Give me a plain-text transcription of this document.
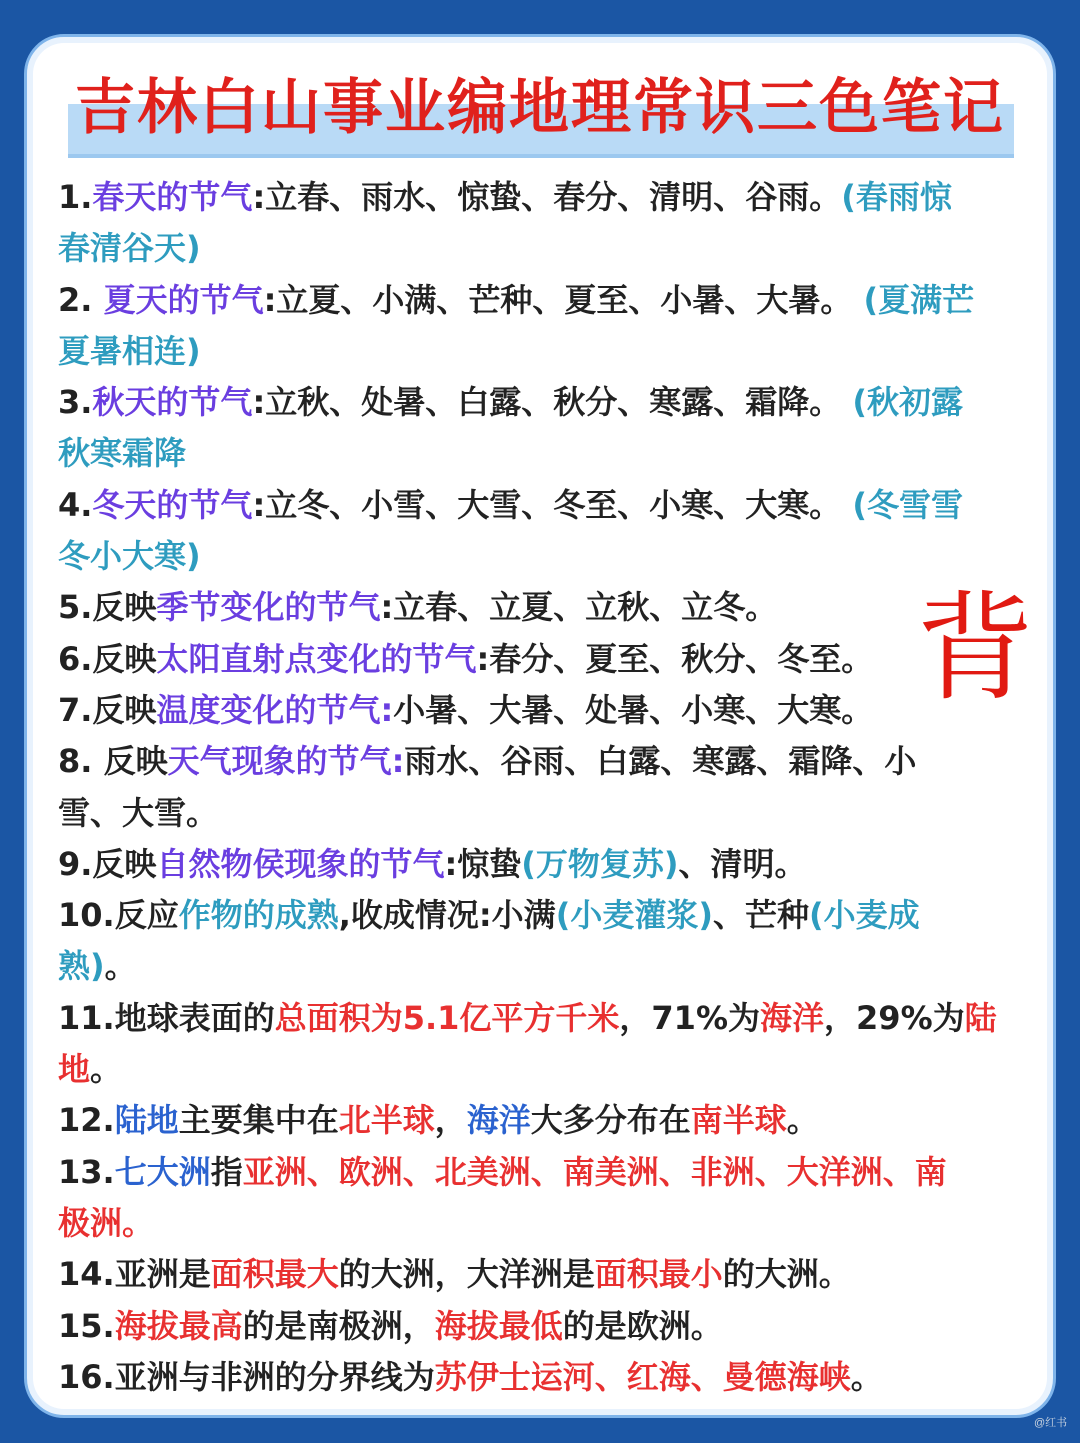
吉林白山事业编地理常识三色笔记
1.春天的节气:立春、雨水、惊蛰、春分、清明、谷雨。(春雨惊
春清谷天)
2. 夏天的节气:立夏、小满、芒种、夏至、小暑、大暑。 (夏满芒
夏暑相连)
3.秋天的节气:立秋、处暑、白露、秋分、寒露、霜降。 (秋初露
秋寒霜降
4.冬天的节气:立冬、小雪、大雪、冬至、小寒、大寒。 (冬雪雪
冬小大寒)
5.反映季节变化的节气:立春、立夏、立秋、立冬。
6.反映太阳直射点变化的节气:春分、夏至、秋分、冬至。
7.反映温度变化的节气:小暑、大暑、处暑、小寒、大寒。
8. 反映天气现象的节气:雨水、谷雨、白露、寒露、霜降、小
雪、大雪。
9.反映自然物侯现象的节气:惊蛰(万物复苏)、清明。
10.反应作物的成熟,收成情况:小满(小麦灌浆)、芒种(小麦成
熟)。
11.地球表面的总面积为5.1亿平方千米，71%为海洋，29%为陆
地。
12.陆地主要集中在北半球，海洋大多分布在南半球。
13.七大洲指亚洲、欧洲、北美洲、南美洲、非洲、大洋洲、南
极洲。
14.亚洲是面积最大的大洲，大洋洲是面积最小的大洲。
15.海拔最高的是南极洲，海拔最低的是欧洲。
16.亚洲与非洲的分界线为苏伊士运河、红海、曼德海峡。
背
@红书
